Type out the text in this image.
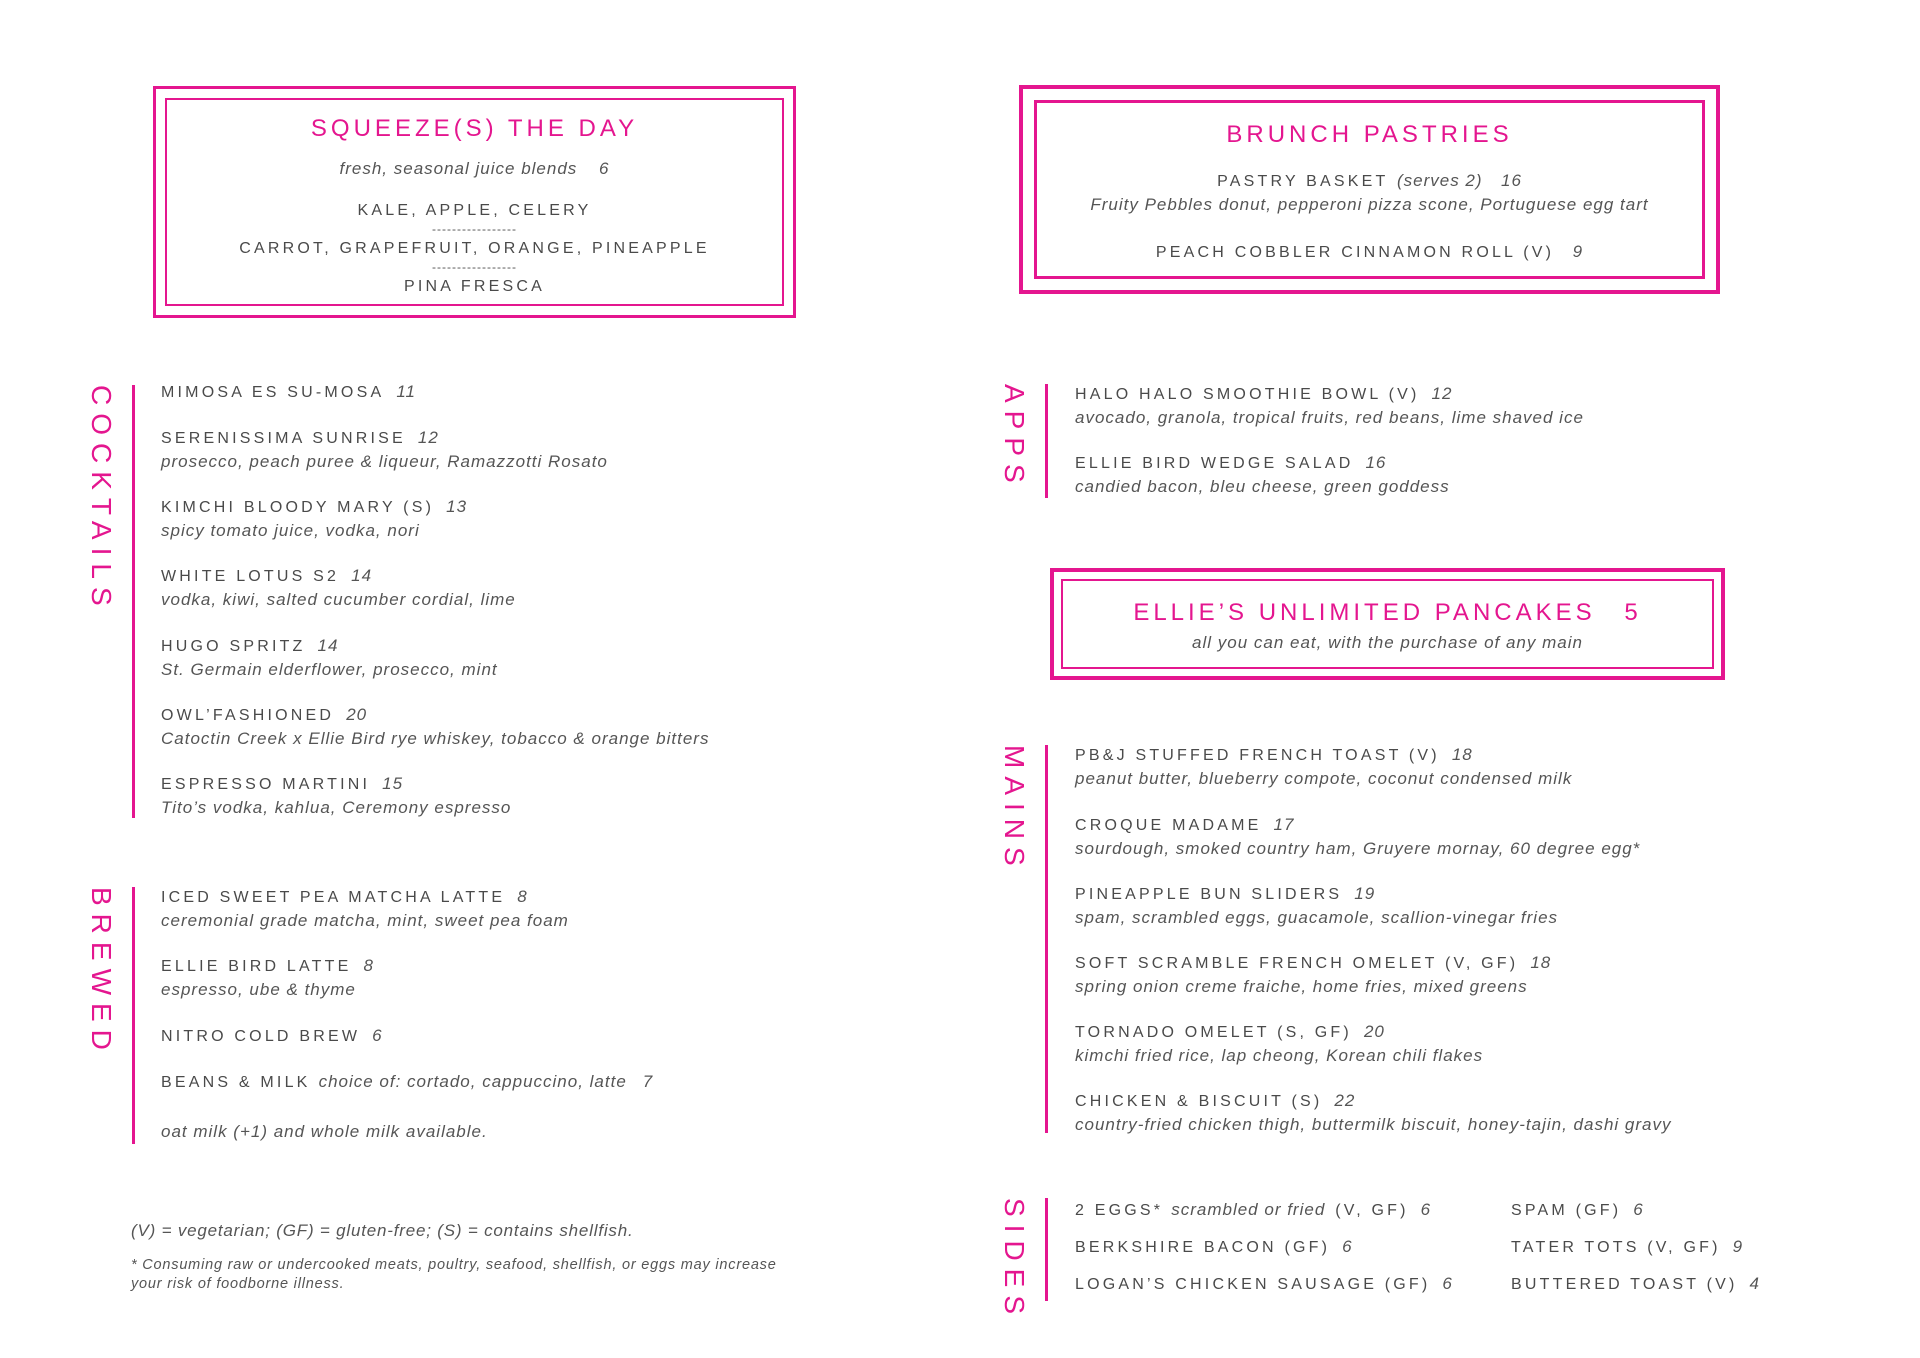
SQUEEZE(S) THE DAY
fresh, seasonal juice blends 6
KALE, APPLE, CELERY
-----------------
CARROT, GRAPEFRUIT, ORANGE, PINEAPPLE
-----------------
PINA FRESCA
BRUNCH PASTRIES
PASTRY BASKET (serves 2) 16
Fruity Pebbles donut, pepperoni pizza scone, Portuguese egg tart
PEACH COBBLER CINNAMON ROLL (V) 9
ELLIE’S UNLIMITED PANCAKES 5
all you can eat, with the purchase of any main
COCKTAILS	MIMOSA ES SU-MOSA 11
SERENISSIMA SUNRISE 12
prosecco, peach puree & liqueur, Ramazzotti Rosato
KIMCHI BLOODY MARY (S) 13
spicy tomato juice, vodka, nori
WHITE LOTUS S2 14
vodka, kiwi, salted cucumber cordial, lime
HUGO SPRITZ 14
St. Germain elderflower, prosecco, mint
OWL’FASHIONED 20
Catoctin Creek x Ellie Bird rye whiskey, tobacco & orange bitters
ESPRESSO MARTINI 15
Tito’s vodka, kahlua, Ceremony espresso
BREWED	ICED SWEET PEA MATCHA LATTE 8
ceremonial grade matcha, mint, sweet pea foam
ELLIE BIRD LATTE 8
espresso, ube & thyme
NITRO COLD BREW 6
BEANS & MILK choice of: cortado, cappuccino, latte 7
oat milk (+1) and whole milk available.
APPS	HALO HALO SMOOTHIE BOWL (V) 12
avocado, granola, tropical fruits, red beans, lime shaved ice
ELLIE BIRD WEDGE SALAD 16
candied bacon, bleu cheese, green goddess
MAINS	PB&J STUFFED FRENCH TOAST (V) 18
peanut butter, blueberry compote, coconut condensed milk
CROQUE MADAME 17
sourdough, smoked country ham, Gruyere mornay, 60 degree egg*
PINEAPPLE BUN SLIDERS 19
spam, scrambled eggs, guacamole, scallion-vinegar fries
SOFT SCRAMBLE FRENCH OMELET (V, GF) 18
spring onion creme fraiche, home fries, mixed greens
TORNADO OMELET (S, GF) 20
kimchi fried rice, lap cheong, Korean chili flakes
CHICKEN & BISCUIT (S) 22
country-fried chicken thigh, buttermilk biscuit, honey-tajin, dashi gravy
SIDES	2 EGGS* scrambled or fried (V, GF) 6
BERKSHIRE BACON (GF) 6
LOGAN’S CHICKEN SAUSAGE (GF) 6
SPAM (GF) 6
TATER TOTS (V, GF) 9
BUTTERED TOAST (V) 4
(V) = vegetarian; (GF) = gluten-free; (S) = contains shellfish.
* Consuming raw or undercooked meats, poultry, seafood, shellfish, or eggs may increase
your risk of foodborne illness.
